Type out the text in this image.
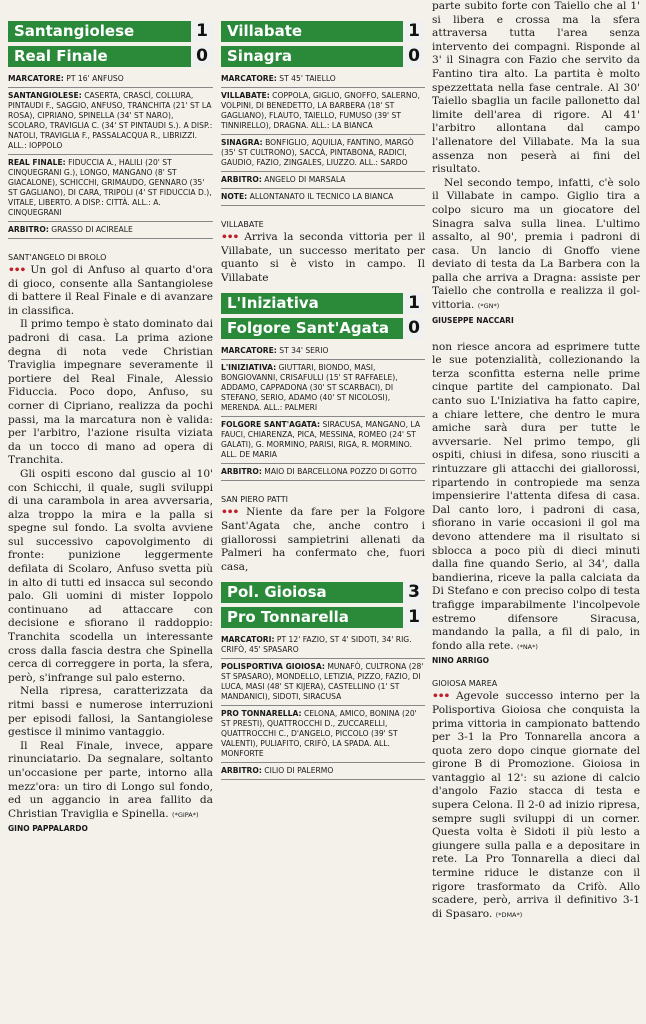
Santangiolese	1
Real Finale	0
MARCATORE: PT 16' ANFUSO
SANTANGIOLESE: CASERTA, CRASCÌ, COLLURA, PINTAUDI F., SAGGIO, ANFUSO, TRANCHITA (21' ST LA ROSA), CIPRIANO, SPINELLA (34' ST NARO), SCOLARO, TRAVIGLIA C. (34' ST PINTAUDI S.). A DISP.: NATOLI, TRAVIGLIA F., PASSALACQUA R., LIBRIZZI. ALL.: IOPPOLO
REAL FINALE: FIDUCCIA A., HALILI (20' ST CINQUEGRANI G.), LONGO, MANGANO (8' ST GIACALONE), SCHICCHI, GRIMAUDO, GENNARO (35' ST GAGLIANO), DI CARA, TRIPOLI (4' ST FIDUCCIA D.), VITALE, LIBERTO. A DISP.: CITTÀ. ALL.: A. CINQUEGRANI
ARBITRO: GRASSO DI ACIREALE
SANT'ANGELO DI BROLO

••• Un gol di Anfuso al quarto d'ora di gioco, consente alla Santangiolese di battere il Real Finale e di avanzare in classifica.

Il primo tempo è stato dominato dai padroni di casa. La prima azione degna di nota vede Christian Traviglia impegnare severamente il portiere del Real Finale, Alessio Fiduccia. Poco dopo, Anfuso, su corner di Cipriano, realizza da pochi passi, ma la marcatura non è valida: per l'arbitro, l'azione risulta viziata da un tocco di mano ad opera di Tranchita.

Gli ospiti escono dal guscio al 10' con Schicchi, il quale, sugli sviluppi di una carambola in area avversaria, alza troppo la mira e la palla si spegne sul fondo. La svolta avviene sul successivo capovolgimento di fronte: punizione leggermente defilata di Scolaro, Anfuso svetta più in alto di tutti ed insacca sul secondo palo. Gli uomini di mister Ioppolo continuano ad attaccare con decisione e sfiorano il raddoppio: Tranchita scodella un interessante cross dalla fascia destra che Spinella cerca di correggere in porta, la sfera, però, s'infrange sul palo esterno.

Nella ripresa, caratterizzata da ritmi bassi e numerose interruzioni per episodi fallosi, la Santangiolese gestisce il minimo vantaggio.

Il Real Finale, invece, appare rinunciatario. Da segnalare, soltanto un'occasione per parte, intorno alla mezz'ora: un tiro di Longo sul fondo, ed un aggancio in area fallito da Christian Traviglia e Spinella. (*GIPA*)

GINO PAPPALARDO
Villabate	1
Sinagra	0
MARCATORE: ST 45' TAIELLO
VILLABATE: COPPOLA, GIGLIO, GNOFFO, SALERNO, VOLPINI, DI BENEDETTO, LA BARBERA (18' ST GAGLIANO), FLAUTO, TAIELLO, FUMUSO (39' ST TINNIRELLO), DRAGNA. ALL.: LA BIANCA
SINAGRA: BONFIGLIO, AQUILIA, FANTINO, MARGÒ (35' ST CULTRONO), SACCÀ, PINTABONA, RADICI, GAUDIO, FAZIO, ZINGALES, LIUZZO. ALL.: SARDO
ARBITRO: ANGELO DI MARSALA
NOTE: ALLONTANATO IL TECNICO LA BIANCA
VILLABATE

••• Arriva la seconda vittoria per il Villabate, un successo meritato per quanto si è visto in campo. Il Villabate

L'Iniziativa	1
Folgore Sant'Agata 0
MARCATORE: ST 34' SERIO
L'INIZIATIVA: GIUTTARI, BIONDO, MASI, BONGIOVANNI, CRISAFULLI (15' ST RAFFAELE), ADDAMO, CAPPADONA (30' ST SCARBACI), DI STEFANO, SERIO, ADAMO (40' ST NICOLOSI), MERENDA. ALL.: PALMERI
FOLGORE SANT'AGATA: SIRACUSA, MANGANO, LA FAUCI, CHIARENZA, PICA, MESSINA, ROMEO (24' ST GALATI), G. MORMINO, PARISI, RIGA, R. MORMINO. ALL. DE MARIA
ARBITRO: MAIO DI BARCELLONA POZZO DI GOTTO
SAN PIERO PATTI

••• Niente da fare per la Folgore Sant'Agata che, anche contro i giallorossi sampietrini allenati da Palmeri ha confermato che, fuori casa,

Pol. Gioiosa	3
Pro Tonnarella	1
MARCATORI: PT 12' FAZIO, ST 4' SIDOTI, 34' RIG. CRIFÒ, 45' SPASARO
POLISPORTIVA GIOIOSA: MUNAFÒ, CULTRONA (28' ST SPASARO), MONDELLO, LETIZIA, PIZZO, FAZIO, DI LUCA, MASI (48' ST KIJERA), CASTELLINO (1' ST MANDANICI), SIDOTI, SIRACUSA
PRO TONNARELLA: CELONA, AMICO, BONINA (20' ST PRESTI), QUATTROCCHI D., ZUCCARELLI, QUATTROCCHI C., D'ANGELO, PICCOLO (39' ST VALENTI), PULIAFITO, CRIFÒ, LA SPADA. ALL. MONFORTE
ARBITRO: CILIO DI PALERMO

parte subito forte con Taiello che al 1' si libera e crossa ma la sfera attraversa tutta l'area senza intervento dei compagni. Risponde al 3' il Sinagra con Fazio che servito da Fantino tira alto. La partita è molto spezzettata nella fase centrale. Al 30' Taiello sbaglia un facile pallonetto dal limite dell'area di rigore. Al 41' l'arbitro allontana dal campo l'allenatore del Villabate. Ma la sua assenza non peserà ai fini del risultato.

Nel secondo tempo, infatti, c'è solo il Villabate in campo. Giglio tira a colpo sicuro ma un giocatore del Sinagra salva sulla linea. L'ultimo assalto, al 90', premia i padroni di casa. Un lancio di Gnoffo viene deviato di testa da La Barbera con la palla che arriva a Dragna: assiste per Taiello che controlla e realizza il gol-vittoria. (*GN*)

GIUSEPPE NACCARI

non riesce ancora ad esprimere tutte le sue potenzialità, collezionando la terza sconfitta esterna nelle prime cinque partite del campionato. Dal canto suo L'Iniziativa ha fatto capire, a chiare lettere, che dentro le mura amiche sarà dura per tutte le avversarie. Nel primo tempo, gli ospiti, chiusi in difesa, sono riusciti a rintuzzare gli attacchi dei giallorossi, ripartendo in contropiede ma senza impensierire l'attenta difesa di casa. Dal canto loro, i padroni di casa, sfiorano in varie occasioni il gol ma devono attendere ma il risultato si sblocca a poco più di dieci minuti dalla fine quando Serio, al 34', dalla bandierina, riceve la palla calciata da Di Stefano e con preciso colpo di testa trafigge imparabilmente l'incolpevole estremo difensore Siracusa, mandando la palla, a fil di palo, in fondo alla rete. (*NA*)

NINO ARRIGO
GIOIOSA MAREA

••• Agevole successo interno per la Polisportiva Gioiosa che conquista la prima vittoria in campionato battendo per 3-1 la Pro Tonnarella ancora a quota zero dopo cinque giornate del girone B di Promozione. Gioiosa in vantaggio al 12': su azione di calcio d'angolo Fazio stacca di testa e supera Celona. Il 2-0 ad inizio ripresa, sempre sugli sviluppi di un corner. Questa volta è Sidoti il più lesto a giungere sulla palla e a depositare in rete. La Pro Tonnarella a dieci dal termine riduce le distanze con il rigore trasformato da Crifò. Allo scadere, però, arriva il definitivo 3-1 di Spasaro. (*DMA*)
